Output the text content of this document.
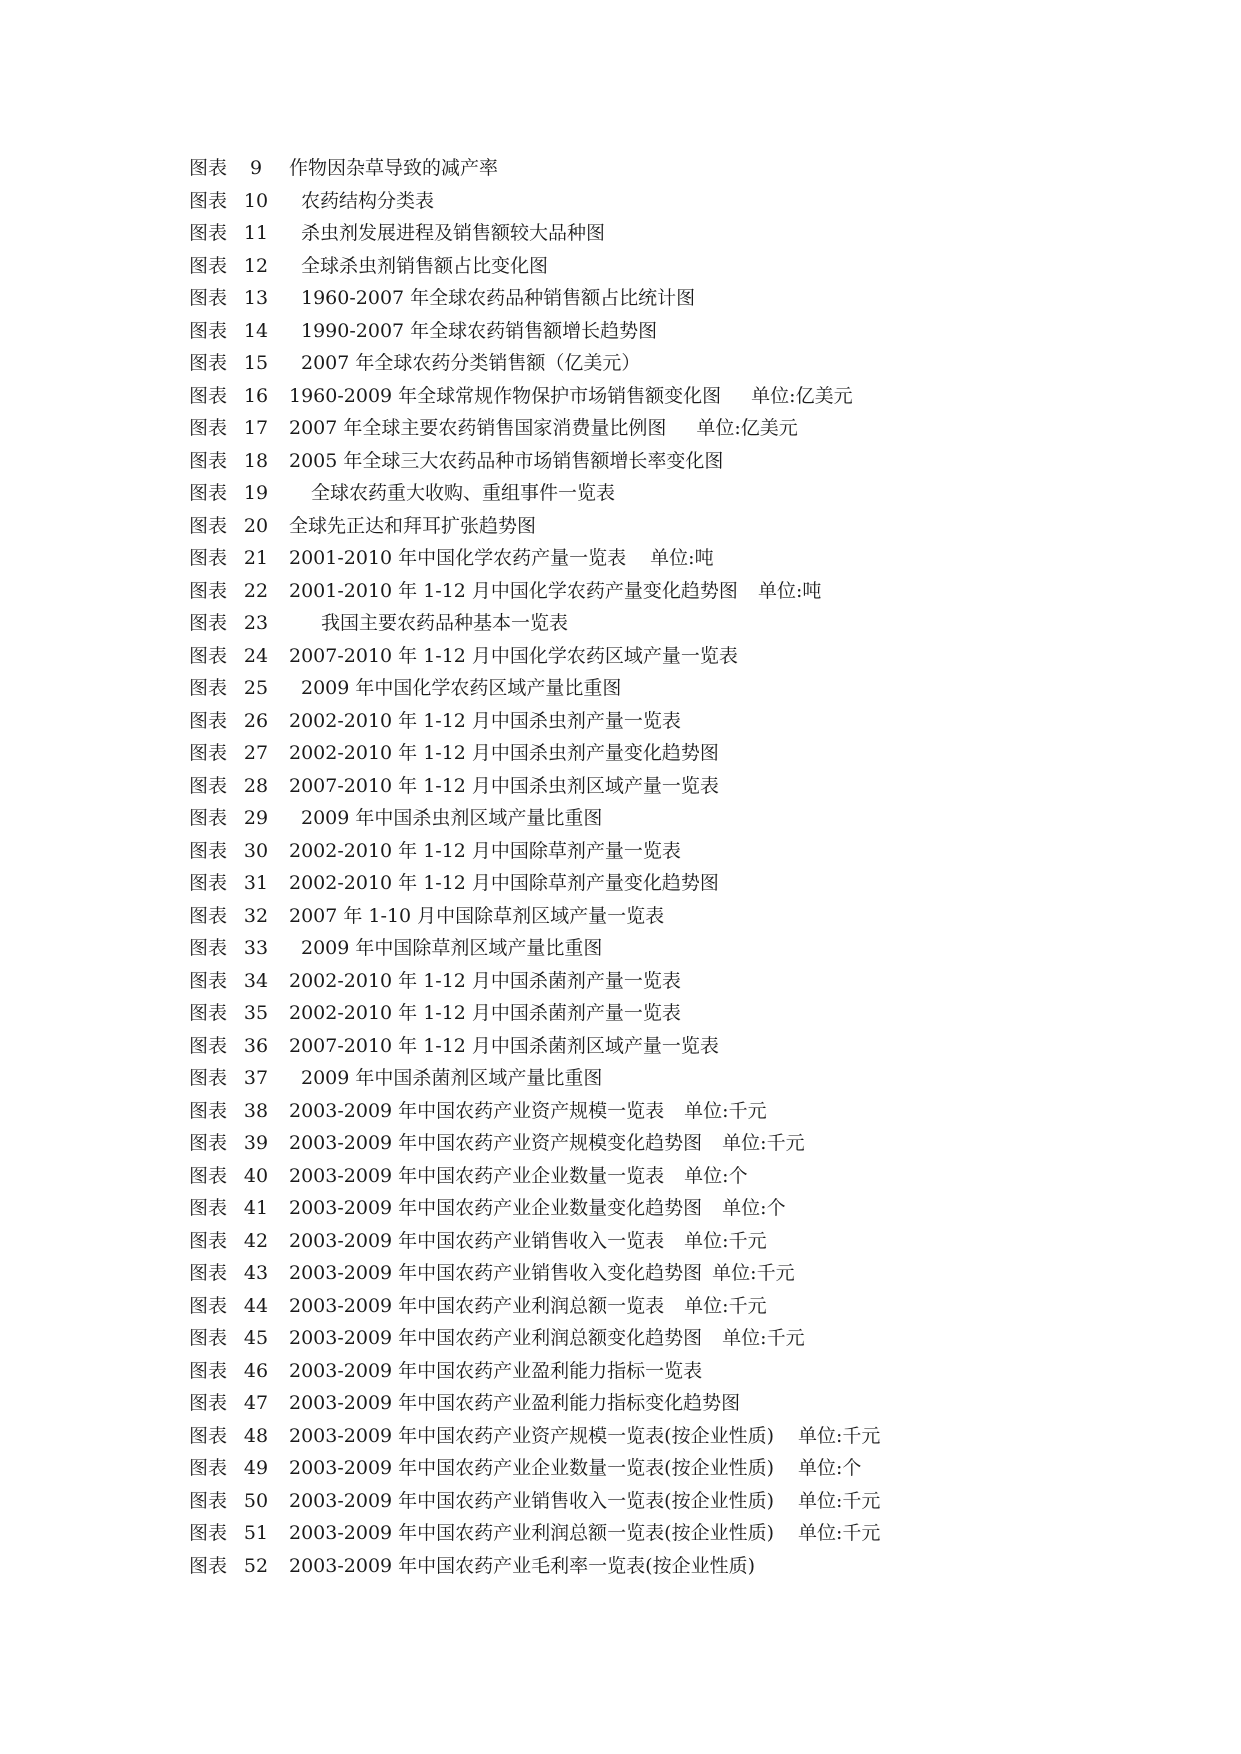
图表	9	作物因杂草导致的减产率
图表 10	农药结构分类表
图表 11	杀虫剂发展进程及销售额较大品种图
图表 12	全球杀虫剂销售额占比变化图
图表 13	1960-2007 年全球农药品种销售额占比统计图
图表 14	1990-2007 年全球农药销售额增长趋势图
图表 15	2007 年全球农药分类销售额（亿美元）
图表 16 1960-2009 年全球常规作物保护市场销售额变化图 单位:亿美元
图表 17 2007 年全球主要农药销售国家消费量比例图 单位:亿美元
图表 18 2005 年全球三大农药品种市场销售额增长率变化图
图表 19	全球农药重大收购、重组事件一览表
图表 20 全球先正达和拜耳扩张趋势图
图表 21 2001-2010 年中国化学农药产量一览表 单位:吨
图表 22 2001-2010 年 1-12 月中国化学农药产量变化趋势图 单位:吨
图表 23	我国主要农药品种基本一览表
图表 24 2007-2010 年 1-12 月中国化学农药区域产量一览表
图表 25	2009 年中国化学农药区域产量比重图
图表 26 2002-2010 年 1-12 月中国杀虫剂产量一览表
图表 27 2002-2010 年 1-12 月中国杀虫剂产量变化趋势图
图表 28 2007-2010 年 1-12 月中国杀虫剂区域产量一览表
图表 29	2009 年中国杀虫剂区域产量比重图
图表 30 2002-2010 年 1-12 月中国除草剂产量一览表
图表 31 2002-2010 年 1-12 月中国除草剂产量变化趋势图
图表 32 2007 年 1-10 月中国除草剂区域产量一览表
图表 33	2009 年中国除草剂区域产量比重图
图表 34 2002-2010 年 1-12 月中国杀菌剂产量一览表
图表 35 2002-2010 年 1-12 月中国杀菌剂产量一览表
图表 36 2007-2010 年 1-12 月中国杀菌剂区域产量一览表
图表 37	2009 年中国杀菌剂区域产量比重图
图表 38 2003-2009 年中国农药产业资产规模一览表 单位:千元
图表 39 2003-2009 年中国农药产业资产规模变化趋势图 单位:千元
图表 40 2003-2009 年中国农药产业企业数量一览表 单位:个
图表 41 2003-2009 年中国农药产业企业数量变化趋势图 单位:个
图表 42 2003-2009 年中国农药产业销售收入一览表 单位:千元
图表 43 2003-2009 年中国农药产业销售收入变化趋势图 单位:千元
图表 44 2003-2009 年中国农药产业利润总额一览表 单位:千元
图表 45 2003-2009 年中国农药产业利润总额变化趋势图 单位:千元
图表 46 2003-2009 年中国农药产业盈利能力指标一览表
图表 47 2003-2009 年中国农药产业盈利能力指标变化趋势图
图表 48 2003-2009 年中国农药产业资产规模一览表(按企业性质) 单位:千元
图表 49 2003-2009 年中国农药产业企业数量一览表(按企业性质) 单位:个
图表 50 2003-2009 年中国农药产业销售收入一览表(按企业性质) 单位:千元
图表 51 2003-2009 年中国农药产业利润总额一览表(按企业性质) 单位:千元
图表 52 2003-2009 年中国农药产业毛利率一览表(按企业性质)
